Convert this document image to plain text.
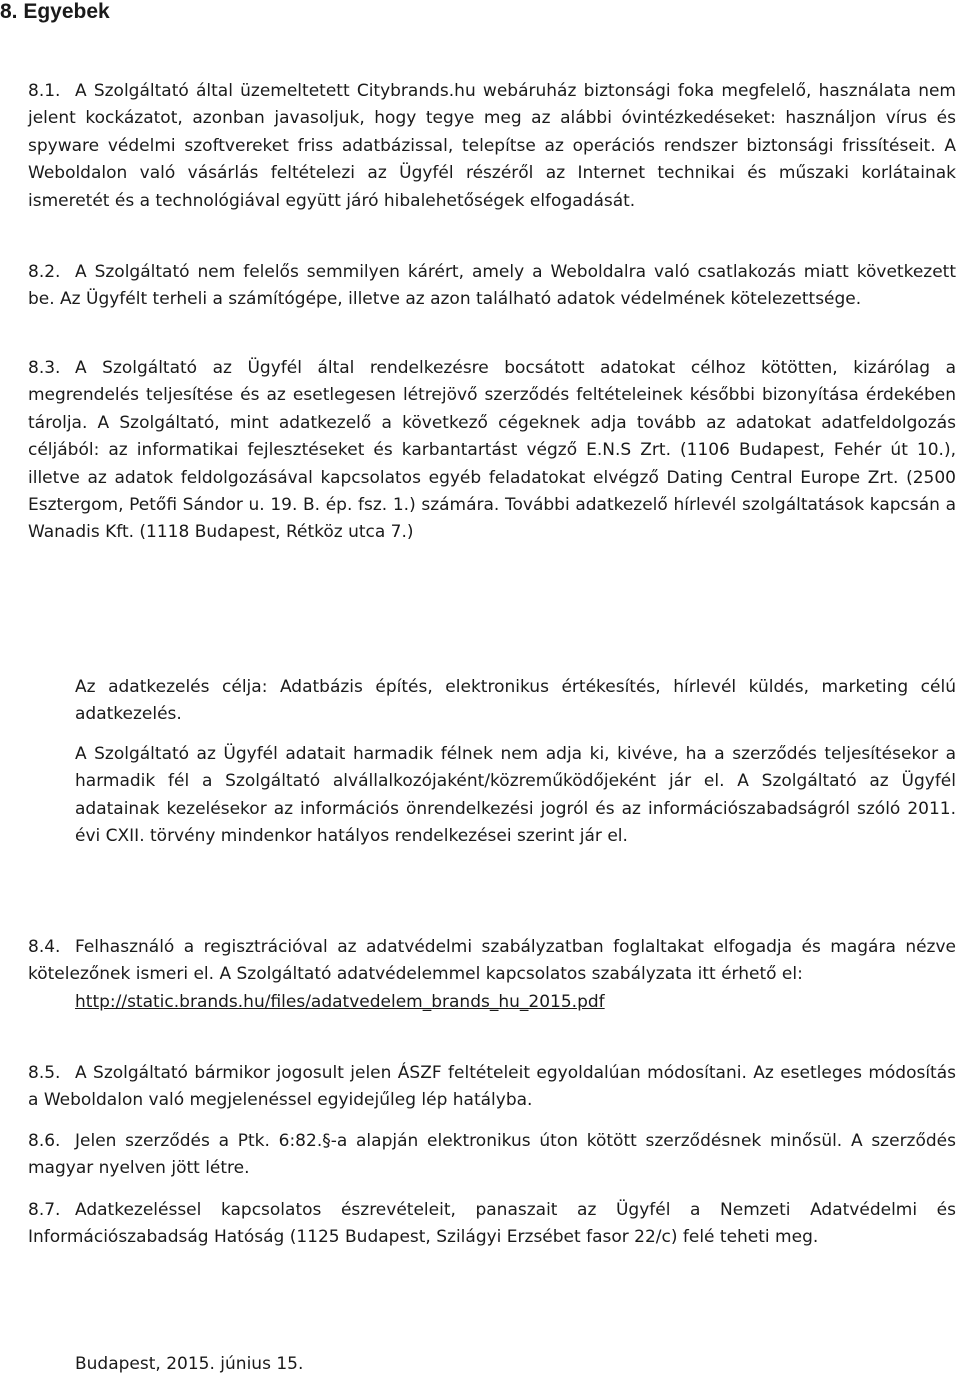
8. Egyebek

8.1. A Szolgáltató által üzemeltetett Citybrands.hu webáruház biztonsági foka megfelelő, használata nem jelent kockázatot, azonban javasoljuk, hogy tegye meg az alábbi óvintézkedéseket: használjon vírus és spyware védelmi szoftvereket friss adatbázissal, telepítse az operációs rendszer biztonsági frissítéseit. A Weboldalon való vásárlás feltételezi az Ügyfél részéről az Internet technikai és műszaki korlátainak ismeretét és a technológiával együtt járó hibalehetőségek elfogadását.

8.2. A Szolgáltató nem felelős semmilyen kárért, amely a Weboldalra való csatlakozás miatt következett be. Az Ügyfélt terheli a számítógépe, illetve az azon található adatok védelmének kötelezettsége.

8.3. A Szolgáltató az Ügyfél által rendelkezésre bocsátott adatokat célhoz kötötten, kizárólag a megrendelés teljesítése és az esetlegesen létrejövő szerződés feltételeinek későbbi bizonyítása érdekében tárolja. A Szolgáltató, mint adatkezelő a következő cégeknek adja tovább az adatokat adatfeldolgozás céljából: az informatikai fejlesztéseket és karbantartást végző E.N.S Zrt. (1106 Budapest, Fehér út 10.), illetve az adatok feldolgozásával kapcsolatos egyéb feladatokat elvégző Dating Central Europe Zrt. (2500 Esztergom, Petőfi Sándor u. 19. B. ép. fsz. 1.) számára. További adatkezelő hírlevél szolgáltatások kapcsán a Wanadis Kft. (1118 Budapest, Rétköz utca 7.)

Az adatkezelés célja: Adatbázis építés, elektronikus értékesítés, hírlevél küldés, marketing célú adatkezelés.

A Szolgáltató az Ügyfél adatait harmadik félnek nem adja ki, kivéve, ha a szerződés teljesítésekor a harmadik fél a Szolgáltató alvállalkozójaként/közreműködőjeként jár el. A Szolgáltató az Ügyfél adatainak kezelésekor az információs önrendelkezési jogról és az információszabadságról szóló 2011. évi CXII. törvény mindenkor hatályos rendelkezései szerint jár el.

8.4. Felhasználó a regisztrációval az adatvédelmi szabályzatban foglaltakat elfogadja és magára nézve kötelezőnek ismeri el. A Szolgáltató adatvédelemmel kapcsolatos szabályzata itt érhető el:

http://static.brands.hu/files/adatvedelem_brands_hu_2015.pdf

8.5. A Szolgáltató bármikor jogosult jelen ÁSZF feltételeit egyoldalúan módosítani. Az esetleges módosítás a Weboldalon való megjelenéssel egyidejűleg lép hatályba.

8.6. Jelen szerződés a Ptk. 6:82.§-a alapján elektronikus úton kötött szerződésnek minősül. A szerződés magyar nyelven jött létre.

8.7. Adatkezeléssel kapcsolatos észrevételeit, panaszait az Ügyfél a Nemzeti Adatvédelmi és Információszabadság Hatóság (1125 Budapest, Szilágyi Erzsébet fasor 22/c) felé teheti meg.

Budapest, 2015. június 15.
